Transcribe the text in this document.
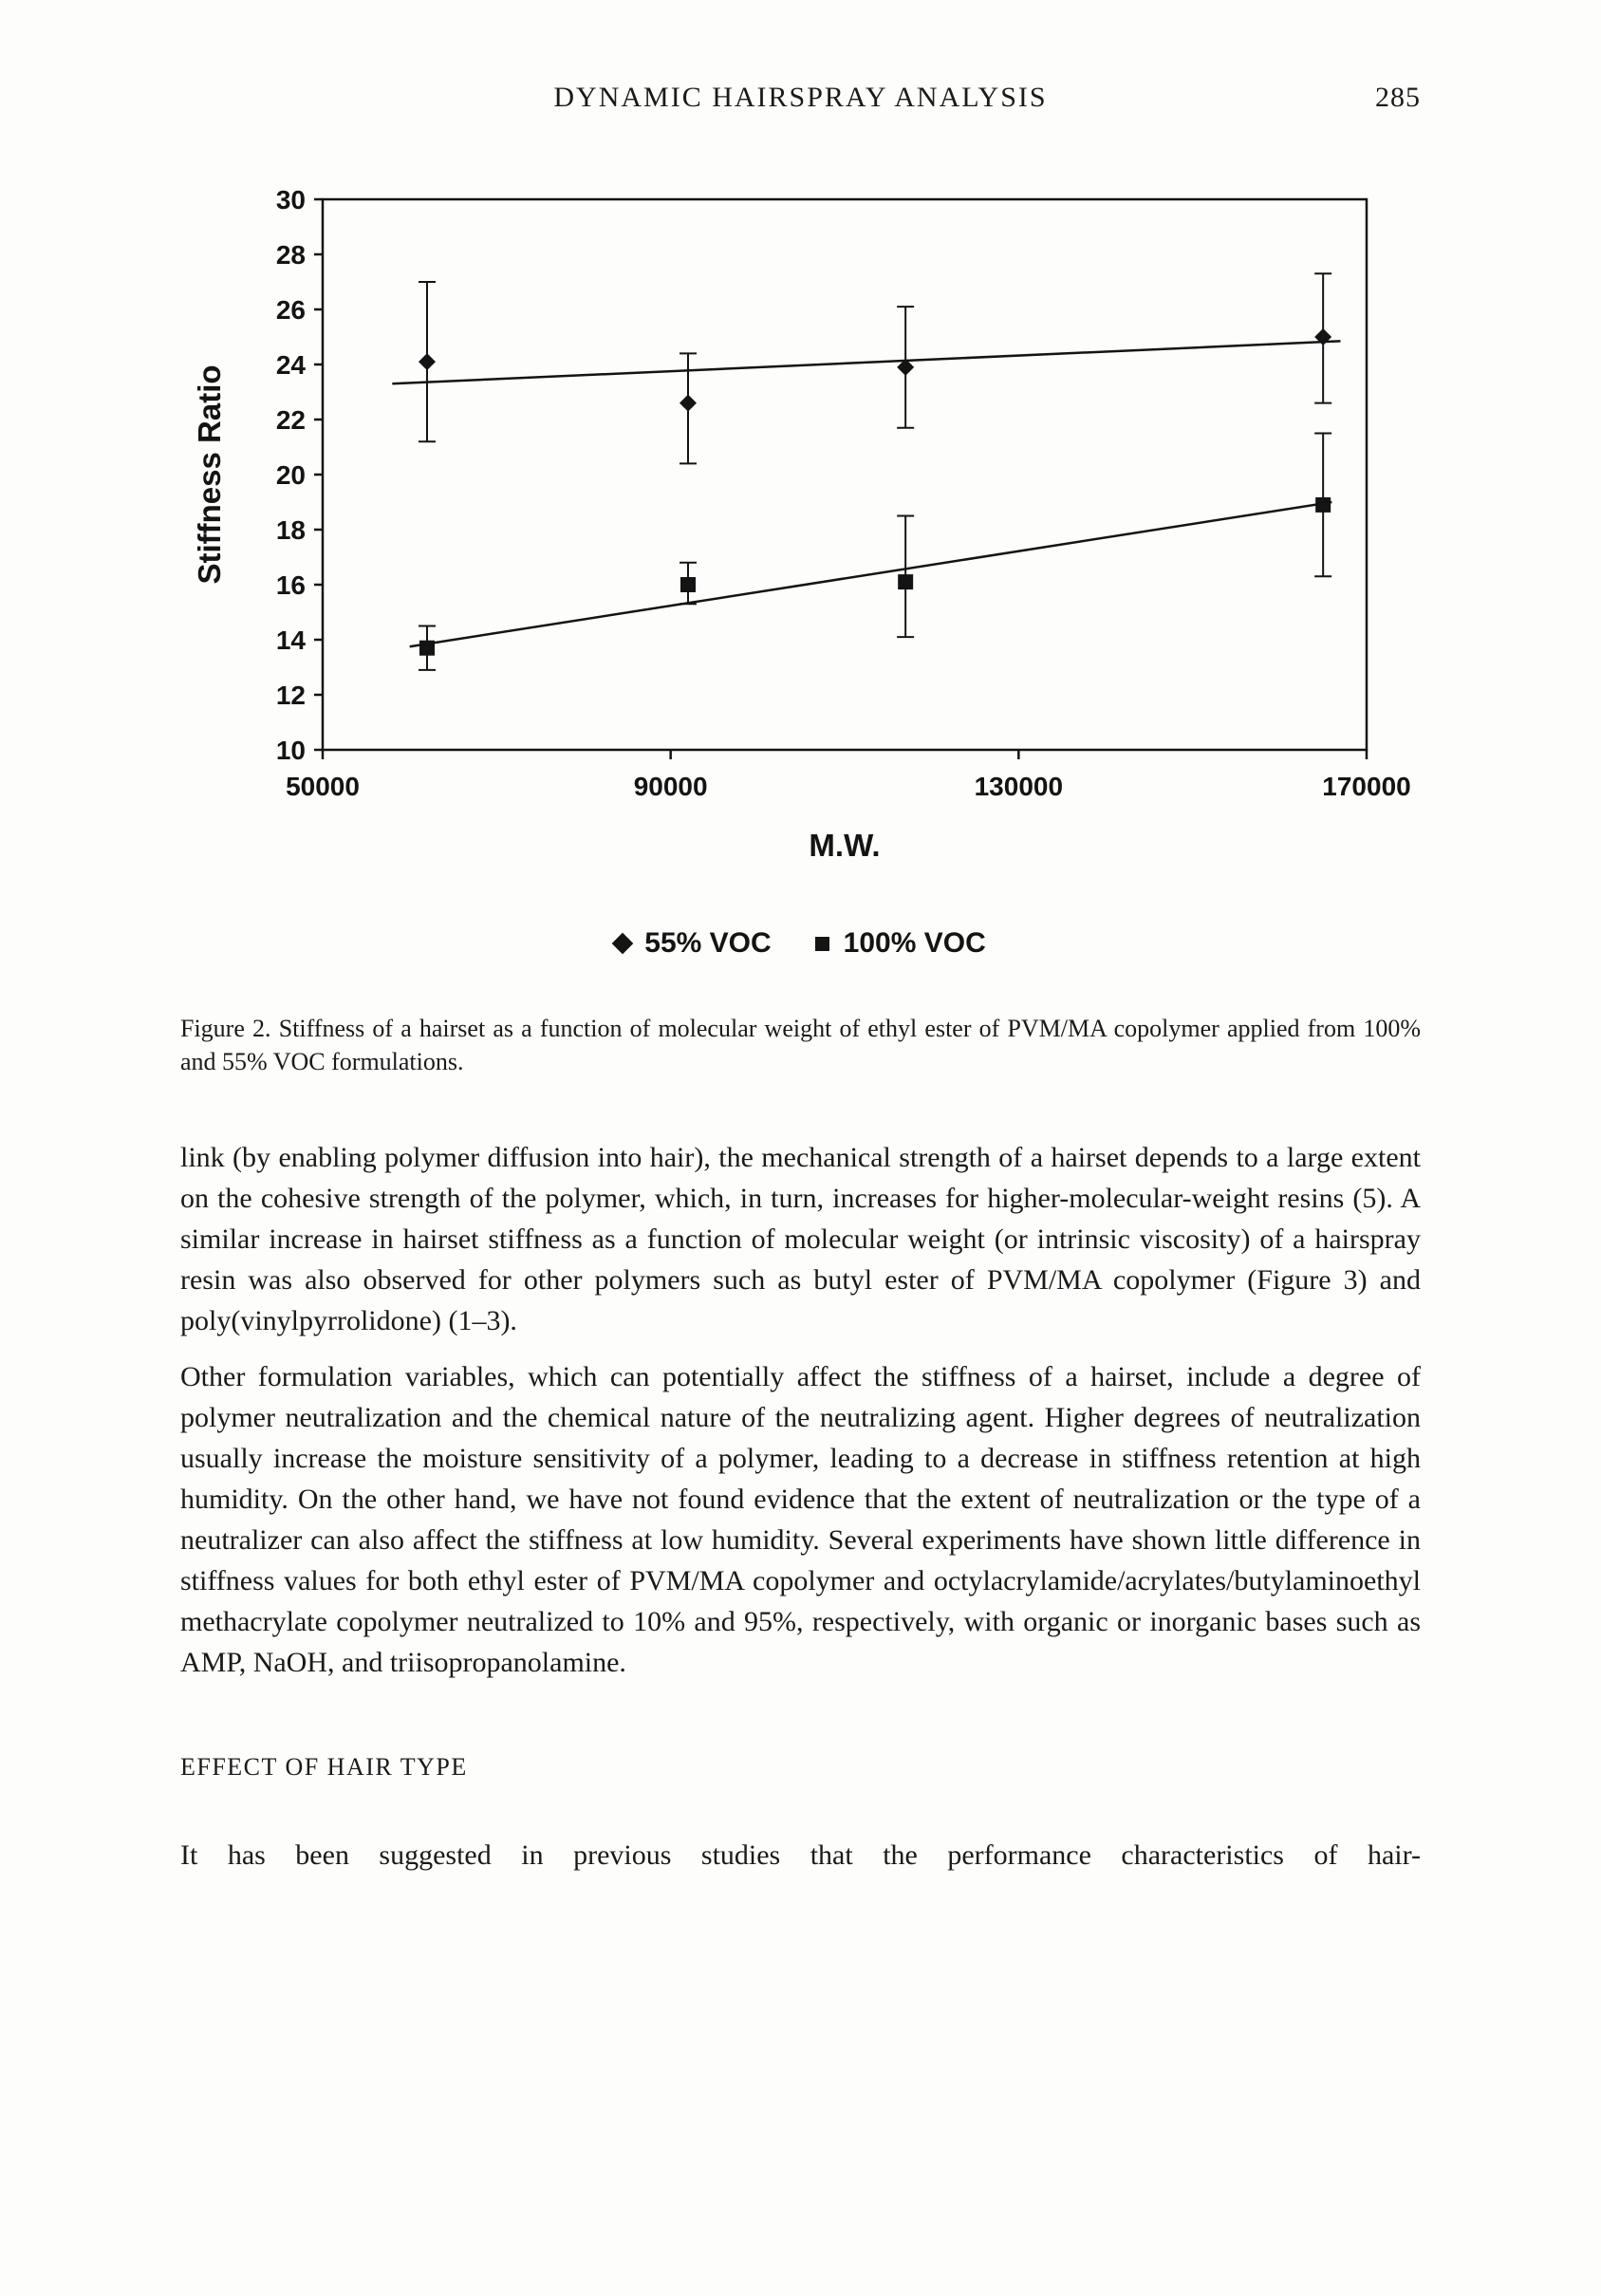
DYNAMIC HAIRSPRAY ANALYSIS	285
10
12
14
16
18
20
22
24
26
28
30
50000	90000	130000	170000
M.W.
Stiffness Ratio
55% VOC	100% VOC

Figure 2. Stiffness of a hairset as a function of molecular weight of ethyl ester of PVM/MA copolymer applied from 100% and 55% VOC formulations.

link (by enabling polymer diffusion into hair), the mechanical strength of a hairset depends to a large extent on the cohesive strength of the polymer, which, in turn, increases for higher-molecular-weight resins (5). A similar increase in hairset stiffness as a function of molecular weight (or intrinsic viscosity) of a hairspray resin was also observed for other polymers such as butyl ester of PVM/MA copolymer (Figure 3) and poly(vinylpyrrolidone) (1–3).

Other formulation variables, which can potentially affect the stiffness of a hairset, include a degree of polymer neutralization and the chemical nature of the neutralizing agent. Higher degrees of neutralization usually increase the moisture sensitivity of a polymer, leading to a decrease in stiffness retention at high humidity. On the other hand, we have not found evidence that the extent of neutralization or the type of a neutralizer can also affect the stiffness at low humidity. Several experiments have shown little difference in stiffness values for both ethyl ester of PVM/MA copolymer and octylacrylamide/acrylates/butylaminoethyl methacrylate copolymer neutralized to 10% and 95%, respectively, with organic or inorganic bases such as AMP, NaOH, and triisopropanolamine.

EFFECT OF HAIR TYPE

It has been suggested in previous studies that the performance characteristics of hair-
